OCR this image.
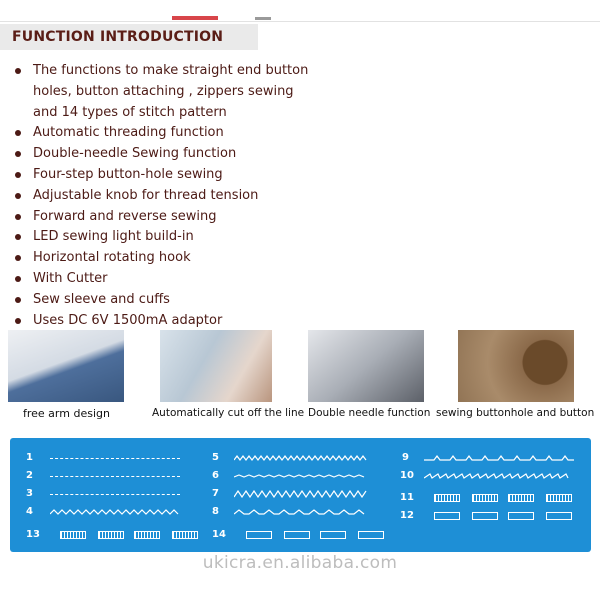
FUNCTION INTRODUCTION
The functions to make straight end button holes, button attaching , zippers sewing and 14 types of stitch pattern
Automatic threading function
Double-needle Sewing function
Four-step button-hole sewing
Adjustable knob for thread tension
Forward and reverse sewing
LED sewing light build-in
Horizontal rotating hook
With Cutter
Sew sleeve and cuffs
Uses DC 6V 1500mA adaptor
free arm design	Automatically cut off the line Double needle function sewing buttonhole and button
1
2
3
4
5
6
7
8
9
10
11
12
13	14
ukicra.en.alibaba.com
